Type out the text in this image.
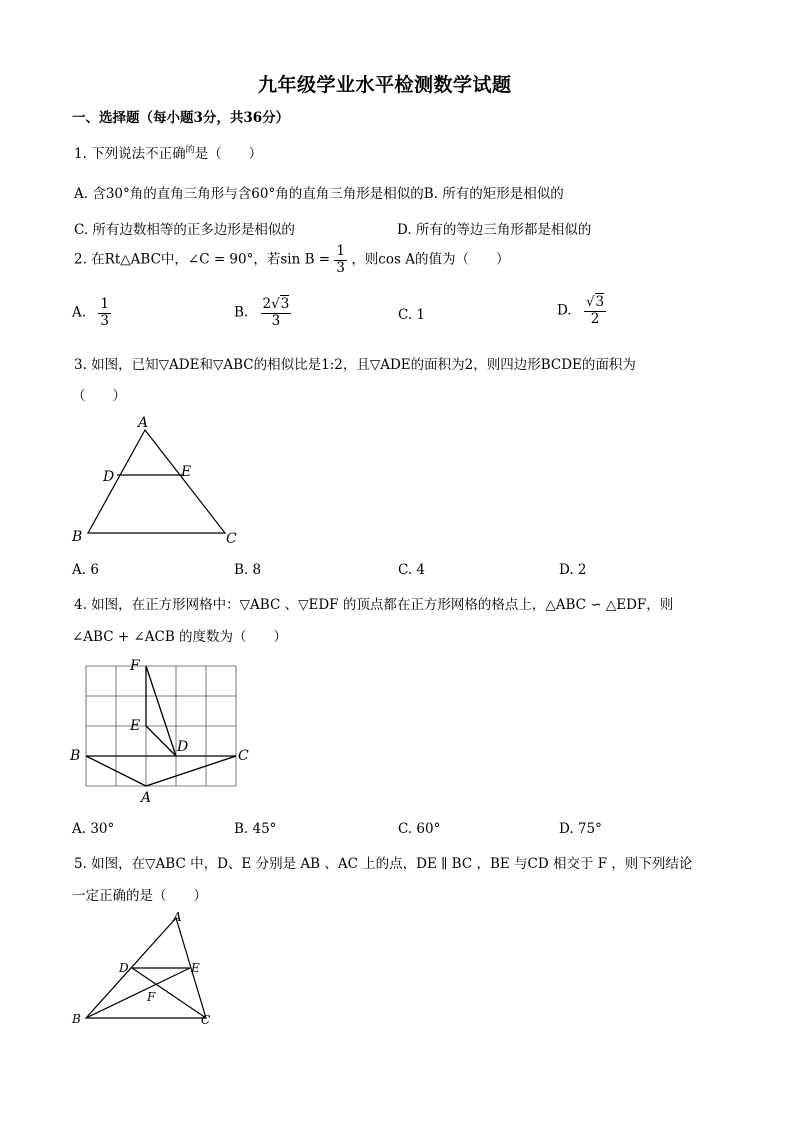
九年级学业水平检测数学试题
一、选择题（每小题3分，共36分）
1. 下列说法不正确$^的$是（　　）
A. 含30°角的直角三角形与含60°角的直角三角形是相似的B. 所有的矩形是相似的
C. 所有边数相等的正多边形是相似的	D. 所有的等边三角形都是相似的
2. 在Rt△ABC中，∠C = 90°，若$\sin B = \frac{1}{3}$ ，则cos A的值为（　　）
A. $\frac{1}{3}$	B. $\frac{2√3}{3}$	C. 1	D. $\frac{√3}{2}$
3. 如图，已知▽ADE和▽ABC的相似比是1:2，且▽ADE的面积为2，则四边形BCDE的面积为
（　　）
A
D	E
B	C
A. 6	B. 8	C. 4	D. 2
4. 如图，在正方形网格中：▽ABC 、▽EDF 的顶点都在正方形网格的格点上，△ABC ∽ △EDF，则
∠ABC + ∠ACB 的度数为（　　）
F
E
D
B	C
A
A. 30°	B. 45°	C. 60°	D. 75°
5. 如图，在▽ABC 中，D、E 分别是 AB 、AC 上的点，DE ∥ BC ，BE 与CD 相交于 F ，则下列结论
一定正确的是（　　）
A
D	E
F
B	C
